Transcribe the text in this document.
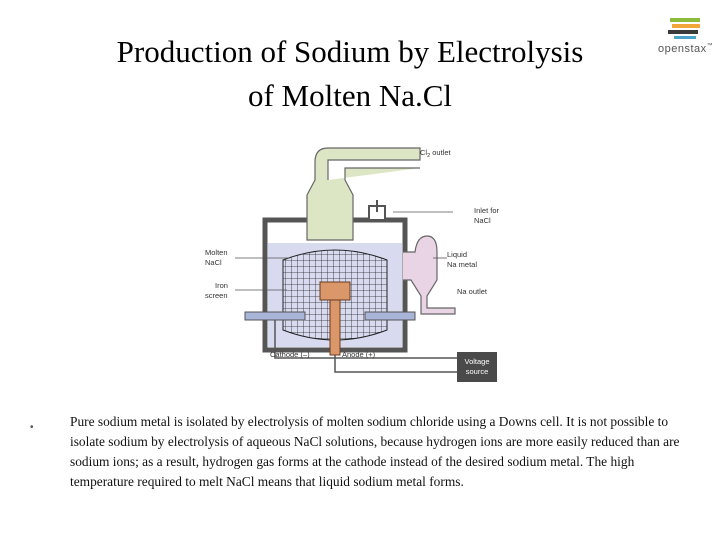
Production of Sodium by Electrolysis
of Molten Na.Cl
openstax™
Voltage
source
$Cl_2$ outlet
Inlet for
NaCl
Molten
NaCl
Iron
screen
Liquid
Na metal
Na outlet
Cathode (–)	Anode (+)
•	Pure sodium metal is isolated by electrolysis of molten sodium chloride using a Downs cell. It is not possible to isolate sodium by electrolysis of aqueous NaCl solutions, because hydrogen ions are more easily reduced than are sodium ions; as a result, hydrogen gas forms at the cathode instead of the desired sodium metal. The high temperature required to melt NaCl means that liquid sodium metal forms.
